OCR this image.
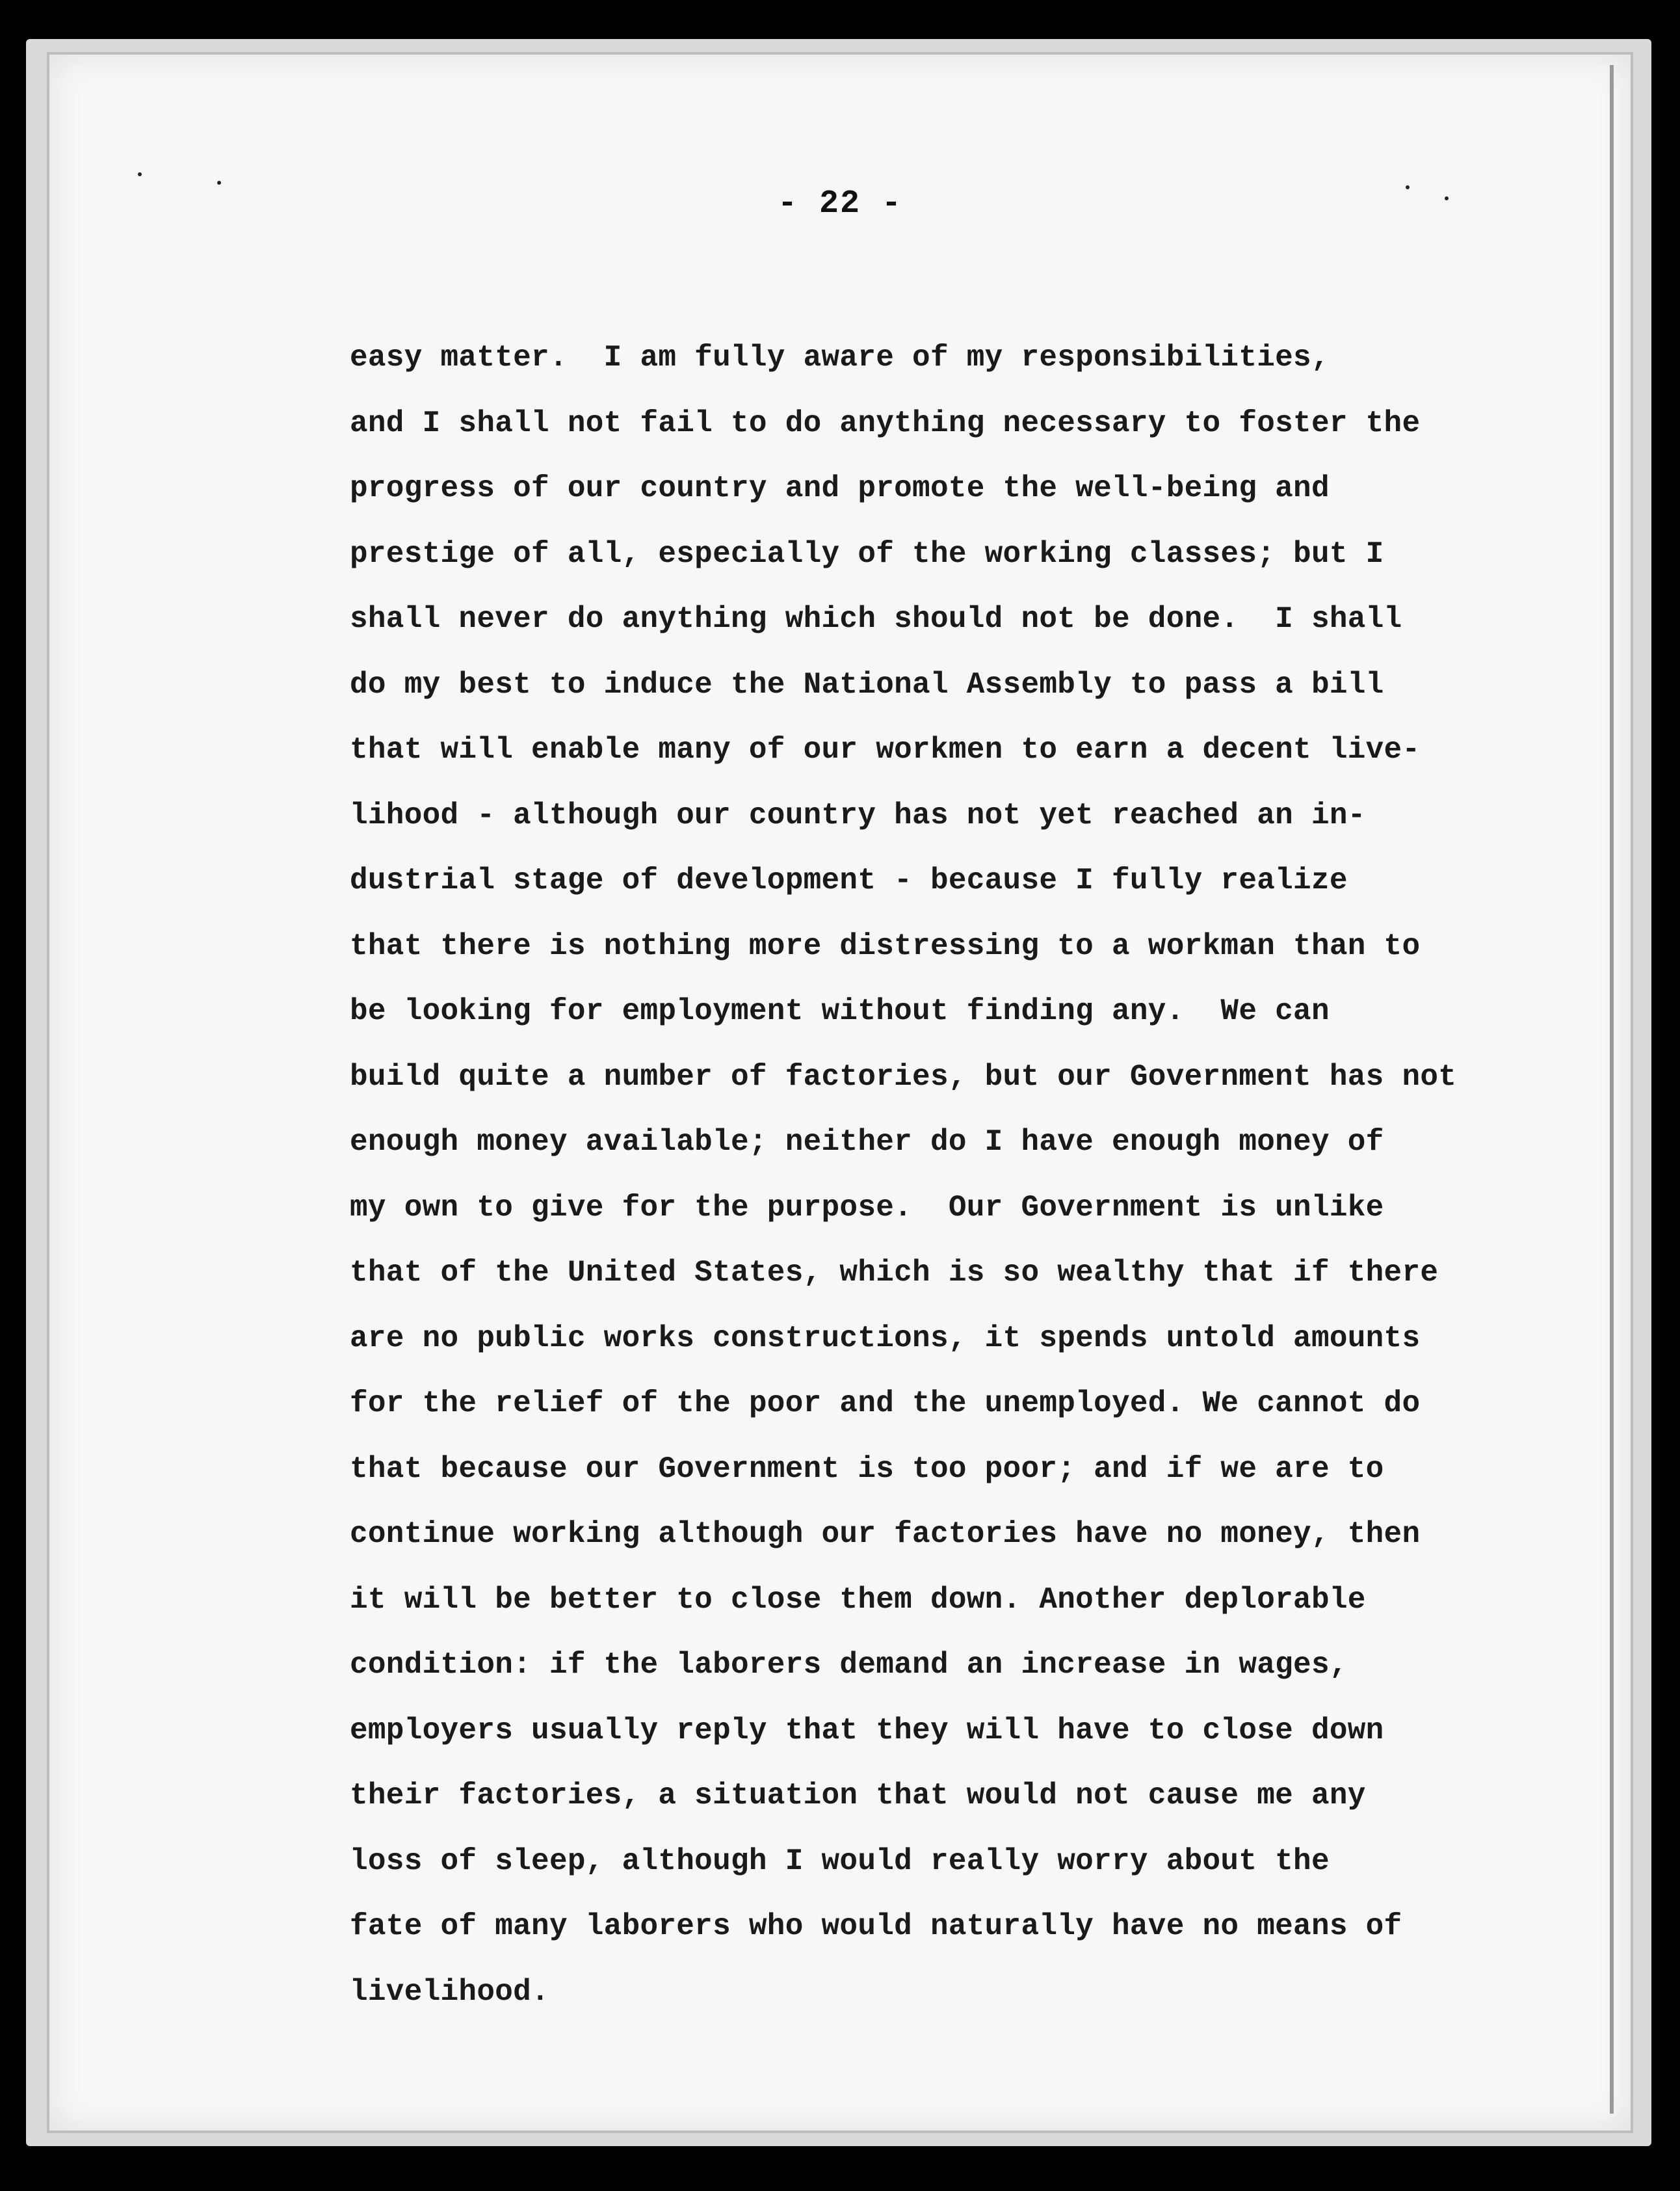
- 22 -
easy matter.  I am fully aware of my responsibilities,
and I shall not fail to do anything necessary to foster the
progress of our country and promote the well-being and
prestige of all, especially of the working classes; but I
shall never do anything which should not be done.  I shall
do my best to induce the National Assembly to pass a bill
that will enable many of our workmen to earn a decent live-
lihood - although our country has not yet reached an in-
dustrial stage of development - because I fully realize
that there is nothing more distressing to a workman than to
be looking for employment without finding any.  We can
build quite a number of factories, but our Government has not
enough money available; neither do I have enough money of
my own to give for the purpose.  Our Government is unlike
that of the United States, which is so wealthy that if there
are no public works constructions, it spends untold amounts
for the relief of the poor and the unemployed. We cannot do
that because our Government is too poor; and if we are to
continue working although our factories have no money, then
it will be better to close them down. Another deplorable
condition: if the laborers demand an increase in wages,
employers usually reply that they will have to close down
their factories, a situation that would not cause me any
loss of sleep, although I would really worry about the
fate of many laborers who would naturally have no means of
livelihood.
